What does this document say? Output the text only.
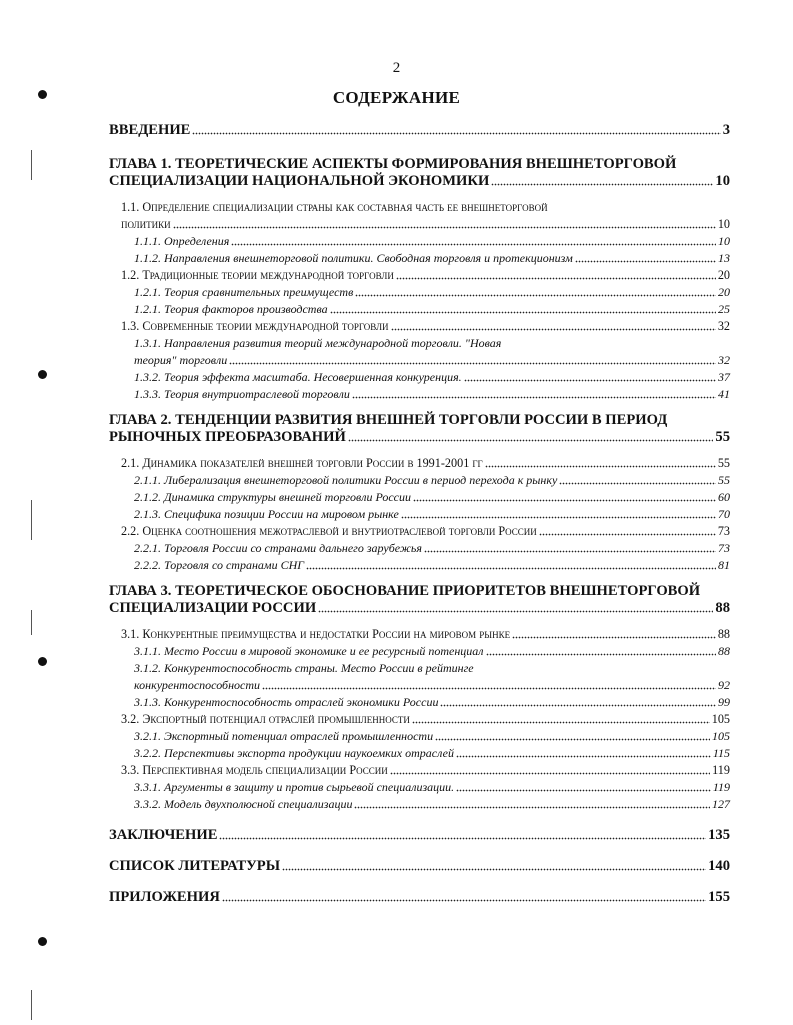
2
СОДЕРЖАНИЕ
ВВЕДЕНИЕ	3
ГЛАВА 1. ТЕОРЕТИЧЕСКИЕ АСПЕКТЫ ФОРМИРОВАНИЯ ВНЕШНЕТОРГОВОЙ
СПЕЦИАЛИЗАЦИИ НАЦИОНАЛЬНОЙ ЭКОНОМИКИ	10
1.1. Определение специализации страны как составная часть ее внешнеторговой
политики	10
1.1.1. Определения	10
1.1.2. Направления внешнеторговой политики. Свободная торговля и протекционизм	13
1.2. Традиционные теории международной торговли	20
1.2.1. Теория сравнительных преимуществ	20
1.2.1. Теория факторов производства	25
1.3. Современные теории международной торговли	32
1.3.1. Направления развития теорий международной торговли. "Новая
теория" торговли	32
1.3.2. Теория эффекта масштаба. Несовершенная конкуренция.	37
1.3.3. Теория внутриотраслевой торговли	41
ГЛАВА 2. ТЕНДЕНЦИИ РАЗВИТИЯ ВНЕШНЕЙ ТОРГОВЛИ РОССИИ В ПЕРИОД
РЫНОЧНЫХ ПРЕОБРАЗОВАНИЙ	55
2.1. Динамика показателей внешней торговли России в 1991-2001 гг	55
2.1.1. Либерализация внешнеторговой политики России в период перехода к рынку	55
2.1.2. Динамика структуры внешней торговли России	60
2.1.3. Специфика позиции России на мировом рынке	70
2.2. Оценка соотношения межотраслевой и внутриотраслевой торговли России	73
2.2.1. Торговля России со странами дальнего зарубежья	73
2.2.2. Торговля со странами СНГ	81
ГЛАВА 3. ТЕОРЕТИЧЕСКОЕ ОБОСНОВАНИЕ ПРИОРИТЕТОВ ВНЕШНЕТОРГОВОЙ
СПЕЦИАЛИЗАЦИИ РОССИИ	88
3.1. Конкурентные преимущества и недостатки России на мировом рынке	88
3.1.1. Место России в мировой экономике и ее ресурсный потенциал	88
3.1.2. Конкурентоспособность страны. Место России в рейтинге
конкурентоспособности	92
3.1.3. Конкурентоспособность отраслей экономики России	99
3.2. Экспортный потенциал отраслей промышленности	105
3.2.1. Экспортный потенциал отраслей промышленности	105
3.2.2. Перспективы экспорта продукции наукоемких отраслей	115
3.3. Перспективная модель специализации России	119
3.3.1. Аргументы в защиту и против сырьевой специализации.	119
3.3.2. Модель двухполюсной специализации	127
ЗАКЛЮЧЕНИЕ	135
СПИСОК ЛИТЕРАТУРЫ	140
ПРИЛОЖЕНИЯ	155
